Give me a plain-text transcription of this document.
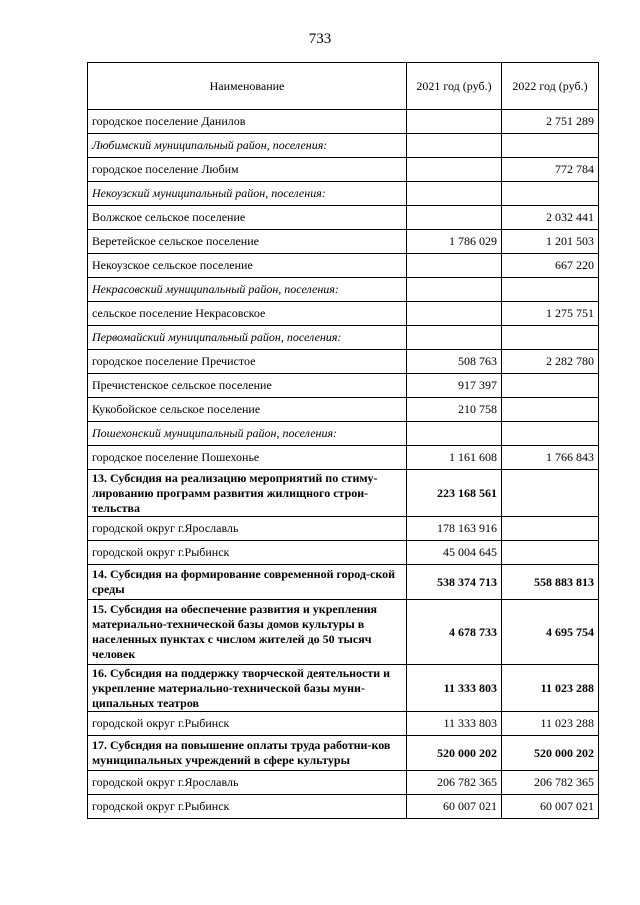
733
Наименование	2021 год (руб.)	2022 год (руб.)
городское поселение Данилов		2 751 289
Любимский муниципальный район, поселения:		
городское поселение Любим		772 784
Некоузский муниципальный район, поселения:		
Волжское сельское поселение		2 032 441
Веретейское сельское поселение	1 786 029	1 201 503
Некоузское сельское поселение		667 220
Некрасовский муниципальный район, поселения:		
сельское поселение Некрасовское		1 275 751
Первомайский муниципальный район, поселения:		
городское поселение Пречистое	508 763	2 282 780
Пречистенское сельское поселение	917 397	
Кукобойское сельское поселение	210 758	
Пошехонский муниципальный район, поселения:		
городское поселение Пошехонье	1 161 608	1 766 843
13. Субсидия на реализацию мероприятий по стиму-лированию программ развития жилищного строи-тельства	223 168 561	
городской округ г.Ярославль	178 163 916	
городской округ г.Рыбинск	45 004 645	
14. Субсидия на формирование современной город-ской среды	538 374 713	558 883 813
15. Субсидия на обеспечение развития и укрепления материально-технической базы домов культуры в населенных пунктах с числом жителей до 50 тысяч человек	4 678 733	4 695 754
16. Субсидия на поддержку творческой деятельности и укрепление материально-технической базы муни-ципальных театров	11 333 803	11 023 288
городской округ г.Рыбинск	11 333 803	11 023 288
17. Субсидия на повышение оплаты труда работни-ков муниципальных учреждений в сфере культуры	520 000 202	520 000 202
городской округ г.Ярославль	206 782 365	206 782 365
городской округ г.Рыбинск	60 007 021	60 007 021
